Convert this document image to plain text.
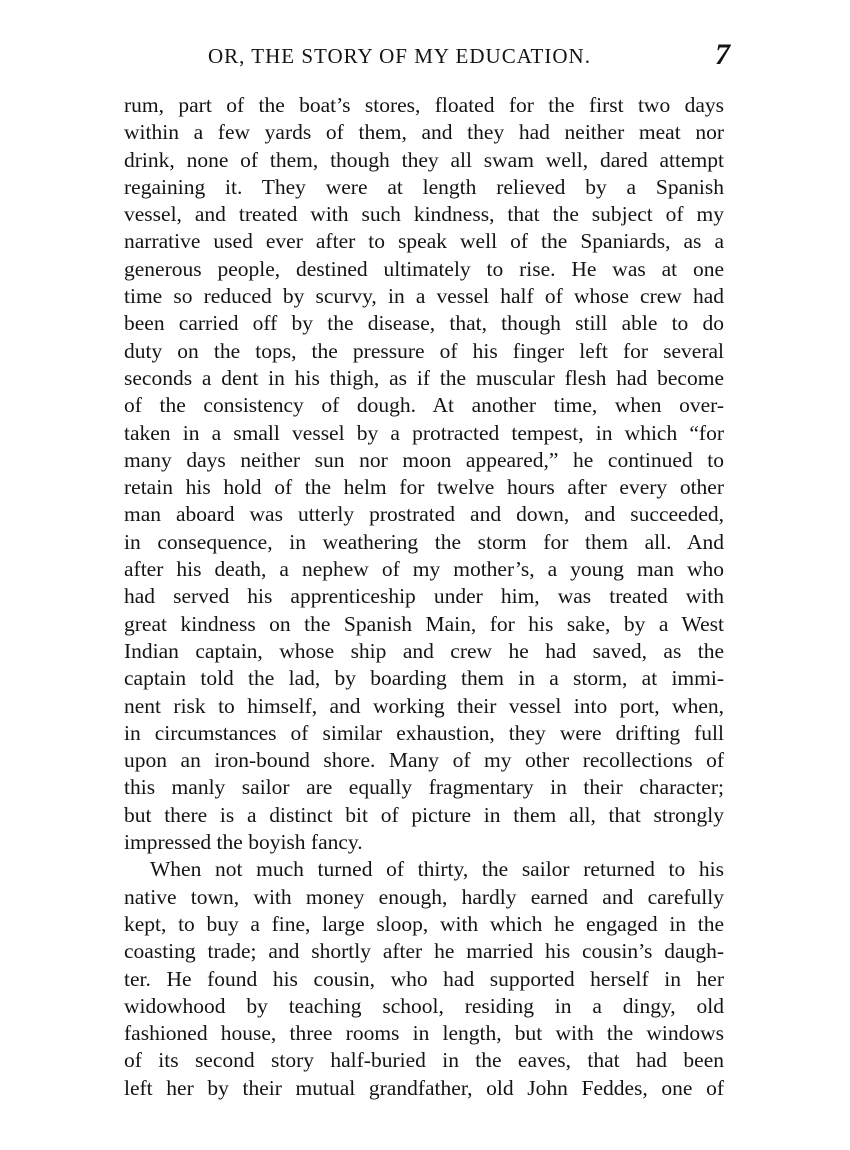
OR, THE STORY OF MY EDUCATION.	7
rum, part of the boat’s stores, floated for the first two days
within a few yards of them, and they had neither meat nor
drink, none of them, though they all swam well, dared attempt
regaining it. They were at length relieved by a Spanish
vessel, and treated with such kindness, that the subject of my
narrative used ever after to speak well of the Spaniards, as a
generous people, destined ultimately to rise. He was at one
time so reduced by scurvy, in a vessel half of whose crew had
been carried off by the disease, that, though still able to do
duty on the tops, the pressure of his finger left for several
seconds a dent in his thigh, as if the muscular flesh had become
of the consistency of dough. At another time, when over-
taken in a small vessel by a protracted tempest, in which “for
many days neither sun nor moon appeared,” he continued to
retain his hold of the helm for twelve hours after every other
man aboard was utterly prostrated and down, and succeeded,
in consequence, in weathering the storm for them all. And
after his death, a nephew of my mother’s, a young man who
had served his apprenticeship under him, was treated with
great kindness on the Spanish Main, for his sake, by a West
Indian captain, whose ship and crew he had saved, as the
captain told the lad, by boarding them in a storm, at immi-
nent risk to himself, and working their vessel into port, when,
in circumstances of similar exhaustion, they were drifting full
upon an iron-bound shore. Many of my other recollections of
this manly sailor are equally fragmentary in their character;
but there is a distinct bit of picture in them all, that strongly
impressed the boyish fancy.
When not much turned of thirty, the sailor returned to his
native town, with money enough, hardly earned and carefully
kept, to buy a fine, large sloop, with which he engaged in the
coasting trade; and shortly after he married his cousin’s daugh-
ter. He found his cousin, who had supported herself in her
widowhood by teaching school, residing in a dingy, old
fashioned house, three rooms in length, but with the windows
of its second story half-buried in the eaves, that had been
left her by their mutual grandfather, old John Feddes, one of
